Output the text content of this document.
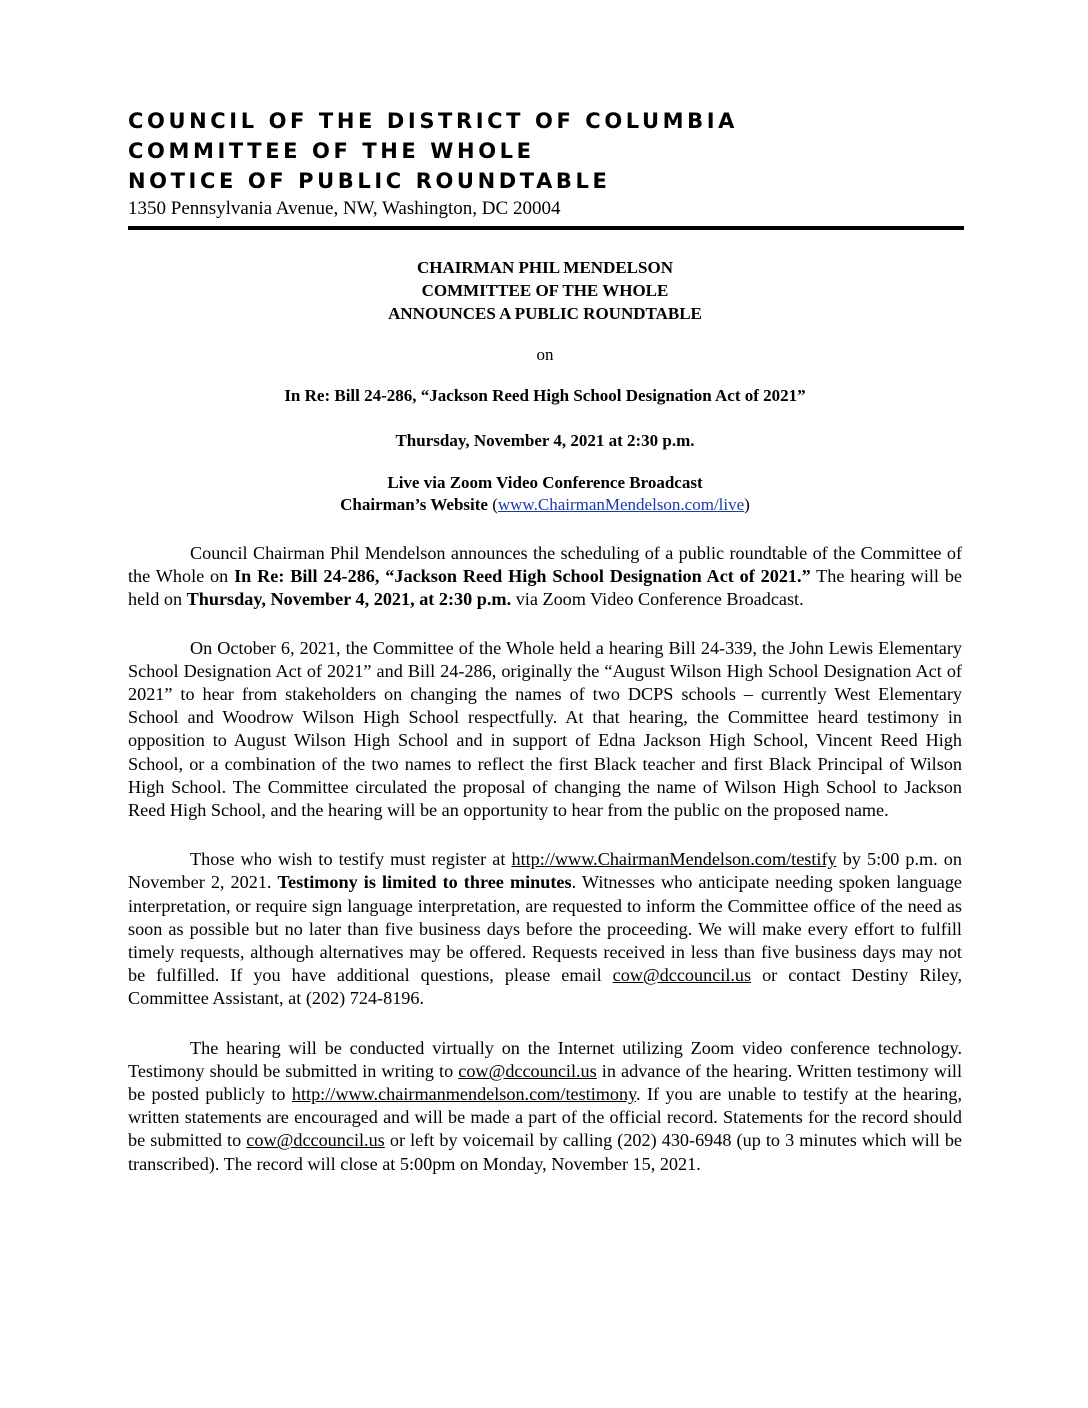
COUNCIL OF THE DISTRICT OF COLUMBIA
COMMITTEE OF THE WHOLE
NOTICE OF PUBLIC ROUNDTABLE
1350 Pennsylvania Avenue, NW, Washington, DC 20004
CHAIRMAN PHIL MENDELSON
COMMITTEE OF THE WHOLE
ANNOUNCES A PUBLIC ROUNDTABLE
on
In Re: Bill 24-286, “Jackson Reed High School Designation Act of 2021”
Thursday, November 4, 2021 at 2:30 p.m.
Live via Zoom Video Conference Broadcast
Chairman’s Website (www.ChairmanMendelson.com/live)

Council Chairman Phil Mendelson announces the scheduling of a public roundtable of the Committee of the Whole on In Re: Bill 24-286, “Jackson Reed High School Designation Act of 2021.” The hearing will be held on Thursday, November 4, 2021, at 2:30 p.m. via Zoom Video Conference Broadcast.

On October 6, 2021, the Committee of the Whole held a hearing Bill 24-339, the John Lewis Elementary School Designation Act of 2021” and Bill 24-286, originally the “August Wilson High School Designation Act of 2021” to hear from stakeholders on changing the names of two DCPS schools – currently West Elementary School and Woodrow Wilson High School respectfully. At that hearing, the Committee heard testimony in opposition to August Wilson High School and in support of Edna Jackson High School, Vincent Reed High School, or a combination of the two names to reflect the first Black teacher and first Black Principal of Wilson High School. The Committee circulated the proposal of changing the name of Wilson High School to Jackson Reed High School, and the hearing will be an opportunity to hear from the public on the proposed name.

Those who wish to testify must register at http://www.ChairmanMendelson.com/testify by 5:00 p.m. on November 2, 2021. Testimony is limited to three minutes. Witnesses who anticipate needing spoken language interpretation, or require sign language interpretation, are requested to inform the Committee office of the need as soon as possible but no later than five business days before the proceeding. We will make every effort to fulfill timely requests, although alternatives may be offered. Requests received in less than five business days may not be fulfilled. If you have additional questions, please email cow@dccouncil.us or contact Destiny Riley, Committee Assistant, at (202) 724-8196.

The hearing will be conducted virtually on the Internet utilizing Zoom video conference technology. Testimony should be submitted in writing to cow@dccouncil.us in advance of the hearing. Written testimony will be posted publicly to http://www.chairmanmendelson.com/testimony. If you are unable to testify at the hearing, written statements are encouraged and will be made a part of the official record. Statements for the record should be submitted to cow@dccouncil.us or left by voicemail by calling (202) 430-6948 (up to 3 minutes which will be transcribed). The record will close at 5:00pm on Monday, November 15, 2021.
